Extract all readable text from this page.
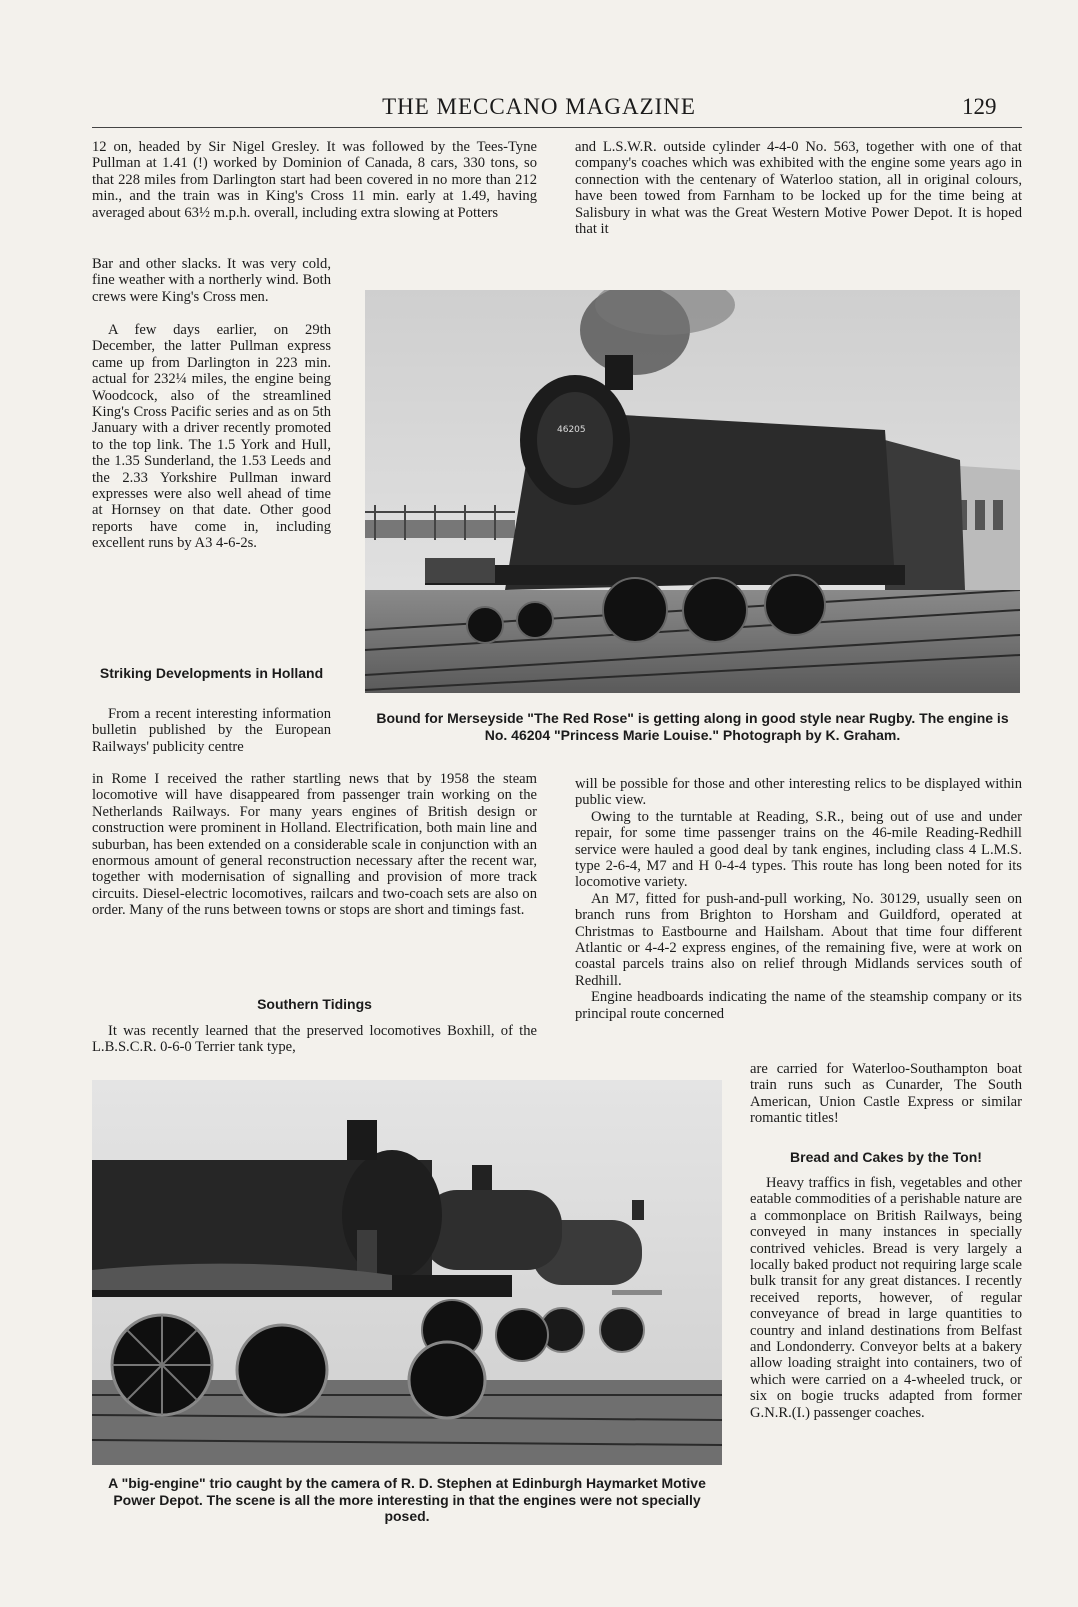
THE MECCANO MAGAZINE	129

12 on, headed by Sir Nigel Gresley. It was followed by the Tees-Tyne Pullman at 1.41 (!) worked by Dominion of Canada, 8 cars, 330 tons, so that 228 miles from Darlington start had been covered in no more than 212 min., and the train was in King's Cross 11 min. early at 1.49, having averaged about 63½ m.p.h. overall, including extra slowing at Potters

Bar and other slacks. It was very cold, fine weather with a northerly wind. Both crews were King's Cross men.

A few days earlier, on 29th December, the latter Pullman express came up from Darlington in 223 min. actual for 232¼ miles, the engine being Woodcock, also of the streamlined King's Cross Pacific series and as on 5th January with a driver recently promoted to the top link. The 1.5 York and Hull, the 1.35 Sunderland, the 1.53 Leeds and the 2.33 Yorkshire Pullman inward expresses were also well ahead of time at Hornsey on that date. Other good reports have come in, including excellent runs by A3 4-6-2s.

Striking Developments in Holland

From a recent interesting information bulletin published by the European Railways' publicity centre

in Rome I received the rather startling news that by 1958 the steam locomotive will have disappeared from passenger train working on the Netherlands Railways. For many years engines of British design or construction were prominent in Holland. Electrification, both main line and suburban, has been extended on a considerable scale in conjunction with an enormous amount of general reconstruction necessary after the recent war, together with modernisation of signalling and provision of more track circuits. Diesel-electric locomotives, railcars and two-coach sets are also on order. Many of the runs between towns or stops are short and timings fast.

Southern Tidings

It was recently learned that the preserved locomotives Boxhill, of the L.B.S.C.R. 0-6-0 Terrier tank type,

and L.S.W.R. outside cylinder 4-4-0 No. 563, together with one of that company's coaches which was exhibited with the engine some years ago in connection with the centenary of Waterloo station, all in original colours, have been towed from Farnham to be locked up for the time being at Salisbury in what was the Great Western Motive Power Depot. It is hoped that it

46205
Bound for Merseyside "The Red Rose" is getting along in good style near Rugby. The engine is No. 46204 "Princess Marie Louise." Photograph by K. Graham.

will be possible for those and other interesting relics to be displayed within public view.

Owing to the turntable at Reading, S.R., being out of use and under repair, for some time passenger trains on the 46-mile Reading-Redhill service were hauled a good deal by tank engines, including class 4 L.M.S. type 2-6-4, M7 and H 0-4-4 types. This route has long been noted for its locomotive variety.

An M7, fitted for push-and-pull working, No. 30129, usually seen on branch runs from Brighton to Horsham and Guildford, operated at Christmas to Eastbourne and Hailsham. About that time four different Atlantic or 4-4-2 express engines, of the remaining five, were at work on coastal parcels trains also on relief through Midlands services south of Redhill.

Engine headboards indicating the name of the steamship company or its principal route concerned

are carried for Waterloo-Southampton boat train runs such as Cunarder, The South American, Union Castle Express or similar romantic titles!

Bread and Cakes by the Ton!

Heavy traffics in fish, vegetables and other eatable commodities of a perishable nature are a commonplace on British Railways, being conveyed in many instances in specially contrived vehicles. Bread is very largely a locally baked product not requiring large scale bulk transit for any great distances. I recently received reports, however, of regular conveyance of bread in large quantities to country and inland destinations from Belfast and Londonderry. Conveyor belts at a bakery allow loading straight into containers, two of which were carried on a 4-wheeled truck, or six on bogie trucks adapted from former G.N.R.(I.) passenger coaches.

A "big-engine" trio caught by the camera of R. D. Stephen at Edinburgh Haymarket Motive Power Depot. The scene is all the more interesting in that the engines were not specially posed.
